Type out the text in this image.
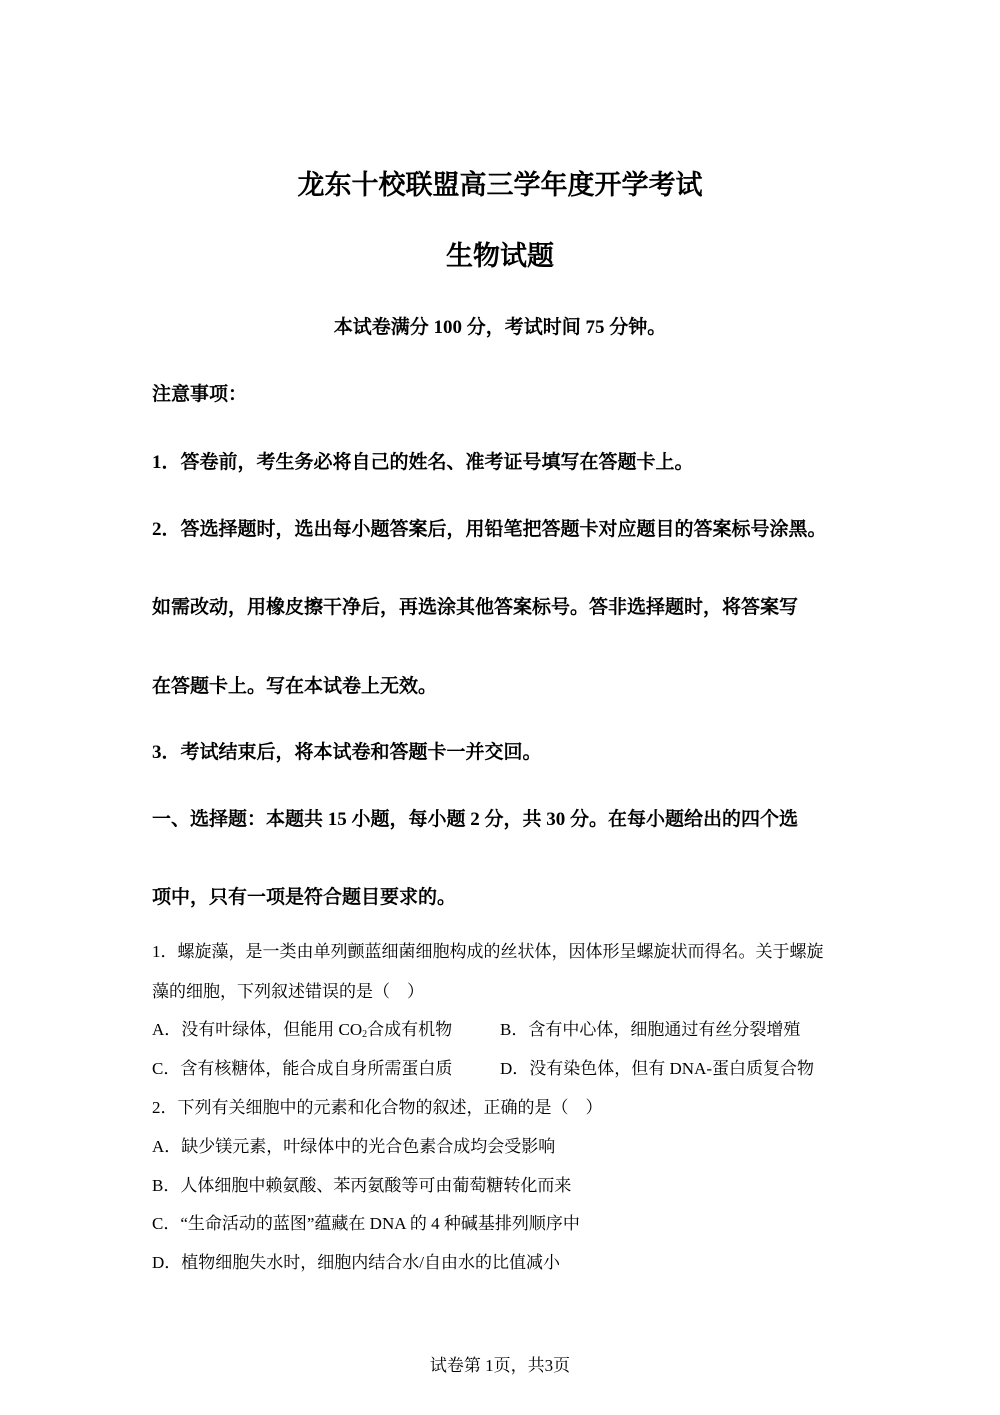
龙东十校联盟高三学年度开学考试
生物试题
本试卷满分 100 分，考试时间 75 分钟。
注意事项：
1．答卷前，考生务必将自己的姓名、准考证号填写在答题卡上。
2．答选择题时，选出每小题答案后，用铅笔把答题卡对应题目的答案标号涂黑。
如需改动，用橡皮擦干净后，再选涂其他答案标号。答非选择题时，将答案写
在答题卡上。写在本试卷上无效。
3．考试结束后，将本试卷和答题卡一并交回。
一、选择题：本题共 15 小题，每小题 2 分，共 30 分。在每小题给出的四个选
项中，只有一项是符合题目要求的。
1．螺旋藻，是一类由单列颤蓝细菌细胞构成的丝状体，因体形呈螺旋状而得名。关于螺旋
藻的细胞，下列叙述错误的是（　）
A．没有叶绿体，但能用 $CO_2$合成有机物	B．含有中心体，细胞通过有丝分裂增殖
C．含有核糖体，能合成自身所需蛋白质	D．没有染色体，但有 DNA-蛋白质复合物
2．下列有关细胞中的元素和化合物的叙述，正确的是（　）
A．缺少镁元素，叶绿体中的光合色素合成均会受影响
B．人体细胞中赖氨酸、苯丙氨酸等可由葡萄糖转化而来
C．“生命活动的蓝图”蕴藏在 DNA 的 4 种碱基排列顺序中
D．植物细胞失水时，细胞内结合水/自由水的比值减小
试卷第 1页，共3页
